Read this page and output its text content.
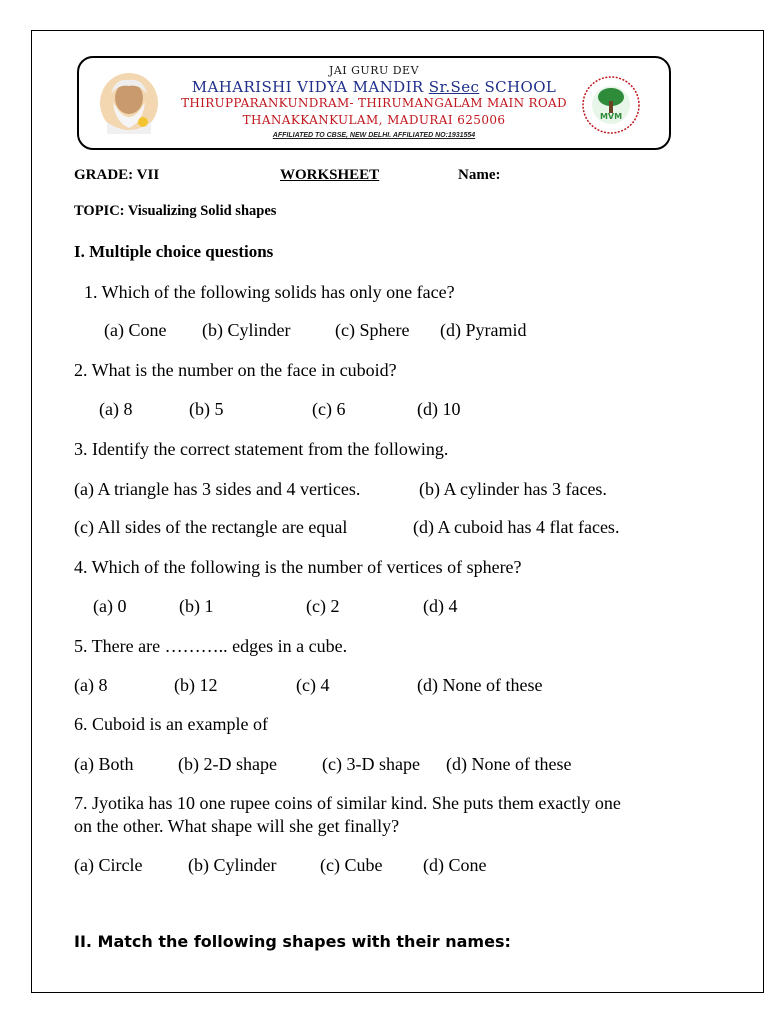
JAI GURU DEV
MAHARISHI VIDYA MANDIR Sr.Sec SCHOOL
THIRUPPARANKUNDRAM- THIRUMANGALAM MAIN ROAD
THANAKKANKULAM, MADURAI 625006
AFFILIATED TO CBSE, NEW DELHI. AFFILIATED NO:1931554
MVM
GRADE: VII	WORKSHEET	Name:
TOPIC: Visualizing Solid shapes
I. Multiple choice questions
1. Which of the following solids has only one face?
(a) Cone (b) Cylinder (c) Sphere (d) Pyramid
2. What is the number on the face in cuboid?
(a) 8	(b) 5	(c) 6	(d) 10
3. Identify the correct statement from the following.
(a) A triangle has 3 sides and 4 vertices.	(b) A cylinder has 3 faces.
(c) All sides of the rectangle are equal	(d) A cuboid has 4 flat faces.
4. Which of the following is the number of vertices of sphere?
(a) 0	(b) 1	(c) 2	(d) 4
5. There are ……….. edges in a cube.
(a) 8	(b) 12	(c) 4	(d) None of these
6. Cuboid is an example of
(a) Both (b) 2-D shape	(c) 3-D shape (d) None of these
7. Jyotika has 10 one rupee coins of similar kind. She puts them exactly one
on the other. What shape will she get finally?
(a) Circle	(b) Cylinder (c) Cube (d) Cone
II. Match the following shapes with their names:
